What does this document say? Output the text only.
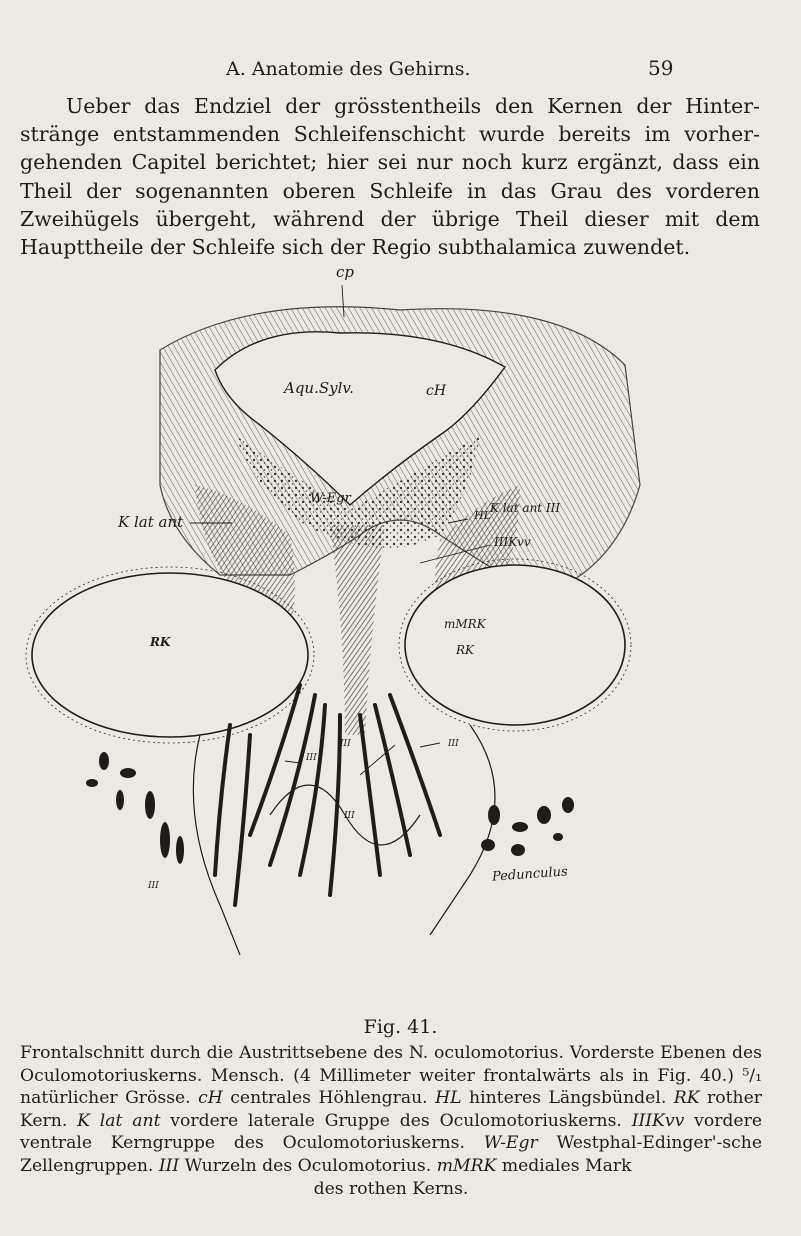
A. Anatomie des Gehirns.	59

Ueber das Endziel der grösstentheils den Kernen der Hinter-stränge entstammenden Schleifenschicht wurde bereits im vorher-gehenden Capitel berichtet; hier sei nur noch kurz ergänzt, dass ein Theil der sogenannten oberen Schleife in das Grau des vorderen Zweihügels übergeht, während der übrige Theil dieser mit dem Haupttheile der Schleife sich der Regio subthalamica zuwendet.

cp
Aqu.Sylv.	cH
W-Egr
K lat ant	HL
K lat ant III
IIIKvv
mMRK
RK
RK
III	III
III
III
III
Pedunculus
Fig. 41.
Frontalschnitt durch die Austrittsebene des N. oculomotorius. Vorderste Ebenen des Oculomotoriuskerns. Mensch. (4 Millimeter weiter frontalwärts als in Fig. 40.) ⁵/₁ natürlicher Grösse. cH centrales Höhlengrau. HL hinteres Längsbündel. RK rother Kern. K lat ant vordere laterale Gruppe des Oculomotoriuskerns. IIIKvv vordere ventrale Kerngruppe des Oculomotoriuskerns. W-Egr Westphal-Edinger'-sche Zellengruppen. III Wurzeln des Oculomotorius. mMRK mediales Mark
des rothen Kerns.
